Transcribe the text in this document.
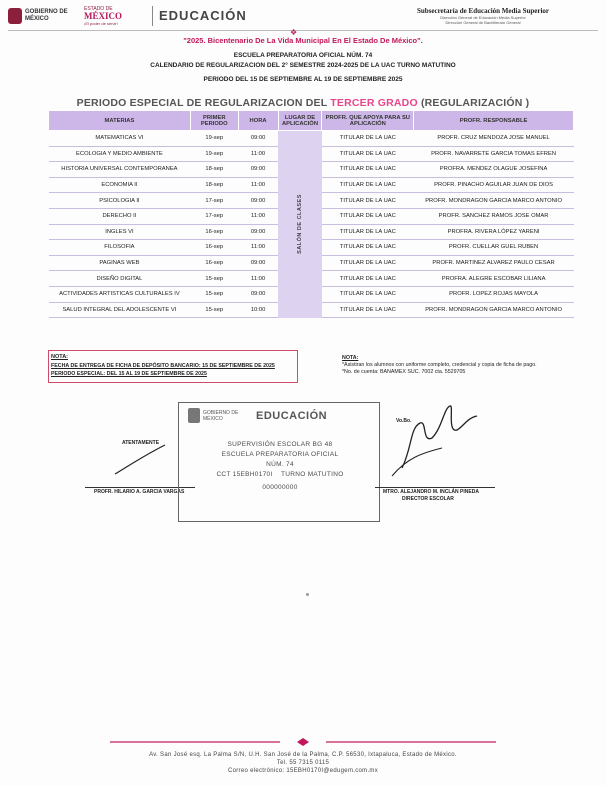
GOBIERNO DE MÉXICO
ESTADO DE
MÉXICO
¡El poder de servir!
EDUCACIÓN	Subsecretaría de Educación Media Superior
Dirección General de Educación Media Superior
Dirección General de Bachillerato General
❖
"2025. Bicentenario De La Vida Municipal En El Estado De México".
ESCUELA PREPARATORIA OFICIAL NÚM. 74
CALENDARIO DE REGULARIZACION DEL 2° SEMESTRE 2024-2025 DE LA UAC TURNO MATUTINO
PERIODO DEL 15 DE SEPTIEMBRE AL 19 DE SEPTIEMBRE 2025
PERIODO ESPECIAL DE REGULARIZACION DEL TERCER GRADO (REGULARIZACIÓN )
MATERIAS	PRIMER PERIODO	HORA	LUGAR DE APLICACIÓN	PROFR. QUE APOYA PARA SU APLICACIÓN	PROFR. RESPONSABLE
MATEMATICAS VI	19-sep	09:00	SALÓN DE CLASES	TITULAR DE LA UAC	PROFR. CRUZ MENDOZA JOSE MANUEL
ECOLOGIA Y MEDIO AMBIENTE	19-sep	11:00		TITULAR DE LA UAC	PROFR. NAVARRETE GARCIA TOMAS EFREN
HISTORIA UNIVERSAL CONTEMPORANEA	18-sep	09:00		TITULAR DE LA UAC	PROFRA. MENDEZ OLAGUE JOSEFINA
ECONOMIA II	18-sep	11:00		TITULAR DE LA UAC	PROFR. PINACHO AGUILAR JUAN DE DIOS
PSICOLOGIA II	17-sep	09:00		TITULAR DE LA UAC	PROFR. MONDRAGON GARCIA MARCO ANTONIO
DERECHO II	17-sep	11:00		TITULAR DE LA UAC	PROFR. SANCHEZ RAMOS JOSE OMAR
INGLES VI	16-sep	09:00		TITULAR DE LA UAC	PROFRA. RIVERA LÓPEZ YARENI
FILOSOFIA	16-sep	11:00		TITULAR DE LA UAC	PROFR. CUELLAR GUEL RUBEN
PAGINAS WEB	16-sep	09:00		TITULAR DE LA UAC	PROFR. MARTINEZ ALVAREZ PAULO CESAR
DISEÑO DIGITAL	15-sep	11:00		TITULAR DE LA UAC	PROFRA. ALEGRE ESCOBAR LILIANA
ACTIVIDADES ARTISTICAS CULTURALES IV	15-sep	09:00		TITULAR DE LA UAC	PROFR. LOPEZ ROJAS MAYOLA
SALUD INTEGRAL DEL ADOLESCENTE VI	15-sep	10:00		TITULAR DE LA UAC	PROFR. MONDRAGON GARCIA MARCO ANTONIO
NOTA:
FECHA DE ENTREGA DE FICHA DE DEPÓSITO BANCARIO: 15 DE SEPTIEMBRE DE 2025
PERIODO ESPECIAL: DEL 15 AL 19 DE SEPTIEMBRE DE 2025
NOTA:
*Asistiran los alumnos con uniforme completo, credencial y copia de ficha de pago.
*No. de cuenta: BANAMEX SUC. 7002 cta. 5529705
ATENTAMENTE
PROFR. HILARIO A. GARCIA VARGAS
GOBIERNO DE MÉXICO	EDUCACIÓN
SUPERVISIÓN ESCOLAR BG 48
ESCUELA PREPARATORIA OFICIAL
NÚM. 74
CCT 15EBH0170I TURNO MATUTINO
000000000
Vo.Bo.
MTRO. ALEJANDRO M. INCLÁN PINEDA
DIRECTOR ESCOLAR
Av. San José esq. La Palma S/N, U.H. San José de la Palma, C.P. 56530, Ixtapaluca, Estado de México.
Tel. 55 7315 0115
Correo electrónico: 15EBH0170I@edugem.com.mx
